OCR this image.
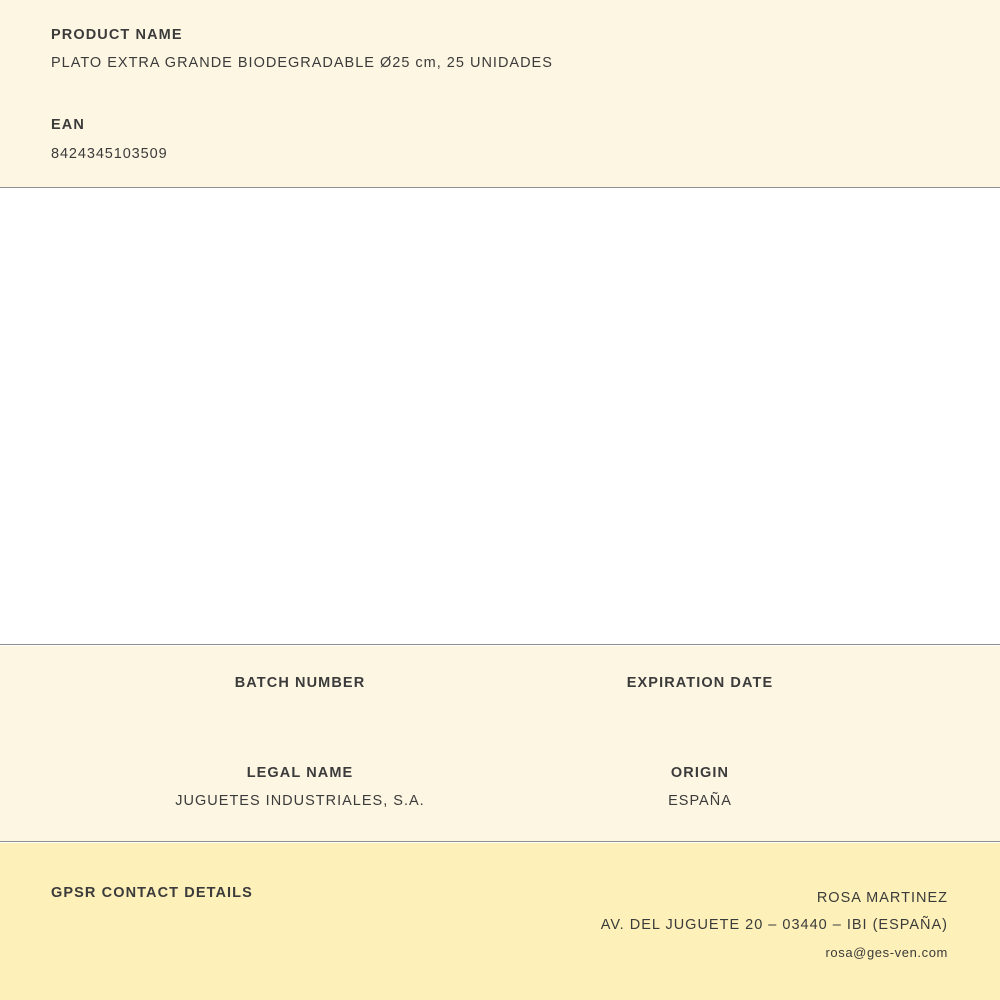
PRODUCT NAME
PLATO EXTRA GRANDE BIODEGRADABLE Ø25 cm, 25 UNIDADES
EAN
8424345103509
BATCH NUMBER	EXPIRATION DATE
LEGAL NAME
JUGUETES INDUSTRIALES, S.A.
ORIGIN
ESPAÑA
GPSR CONTACT DETAILS	ROSA MARTINEZ
AV. DEL JUGUETE 20 – 03440 – IBI (ESPAÑA)
rosa@ges-ven.com
